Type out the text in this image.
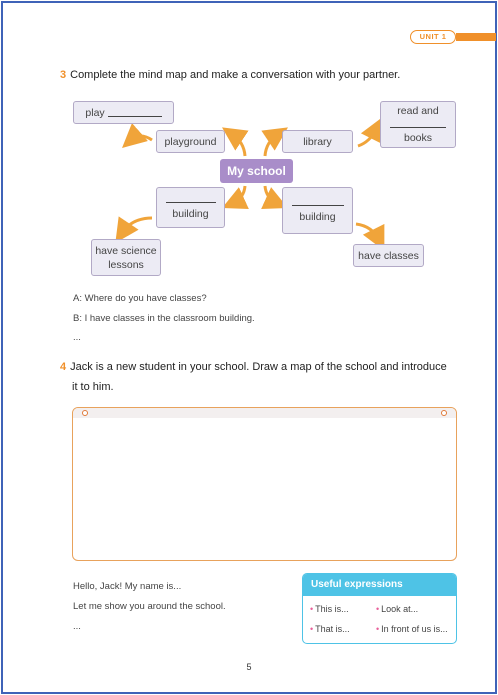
UNIT 1
3 Complete the mind map and make a conversation with your partner.
play

playground	library
read and
books
My school
building	building
have science
lessons
have classes
A: Where do you have classes?
B: I have classes in the classroom building.
...
4 Jack is a new student in your school. Draw a map of the school and introduce
it to him.
Hello, Jack! My name is...
Let me show you around the school.
...
Useful expressions
• This is...	• Look at...
• That is...	• In front of us is...
5
